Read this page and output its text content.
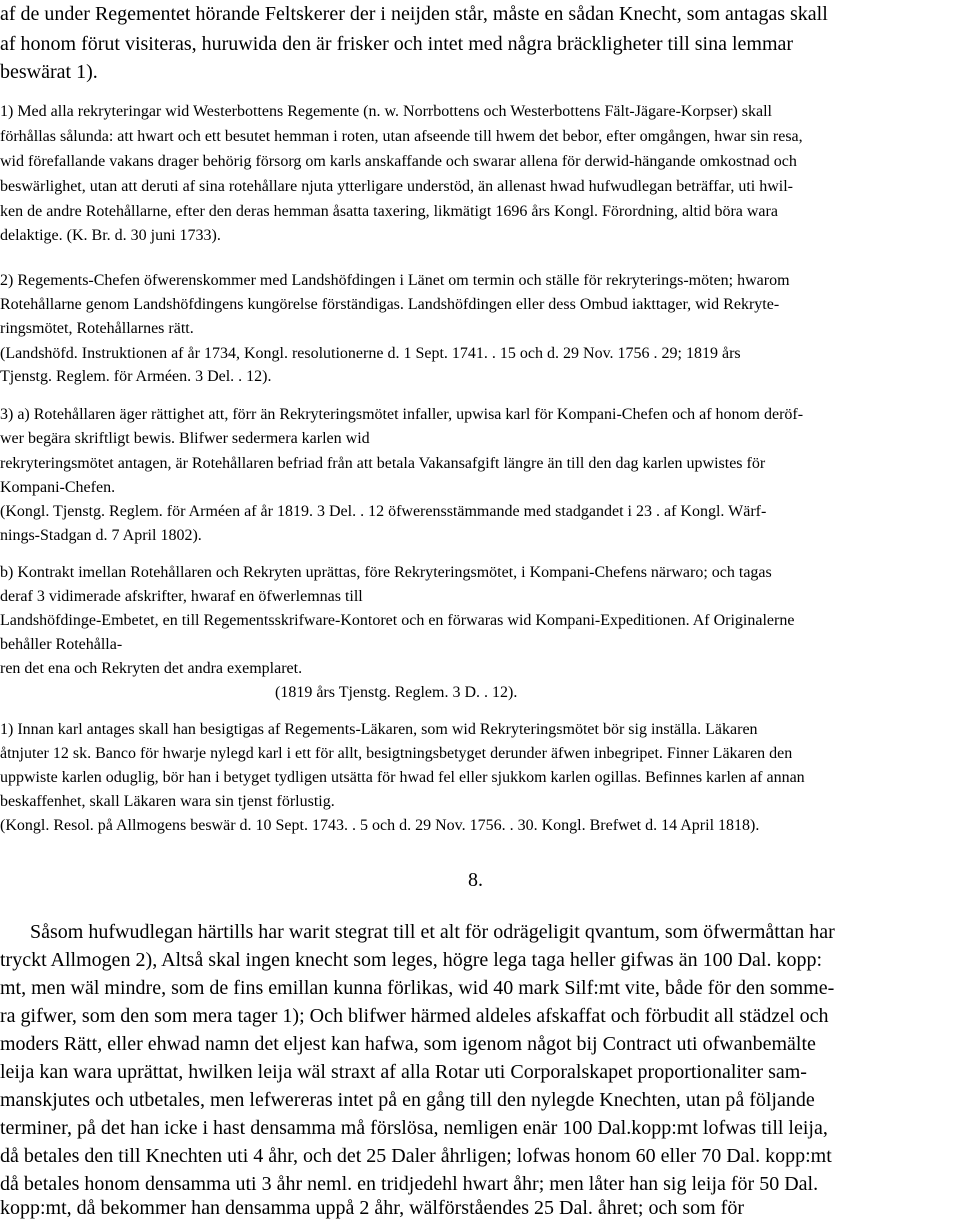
af de under Regementet hörande Feltskerer der i neijden står, måste en sådan Knecht, som antagas skall

af honom förut visiteras, huruwida den är frisker och intet med några bräckligheter till sina lemmar

beswärat 1).

1) Med alla rekryteringar wid Westerbottens Regemente (n. w. Norrbottens och Westerbottens Fält-Jägare-Korpser) skall

förhållas sålunda: att hwart och ett besutet hemman i roten, utan afseende till hwem det bebor, efter omgången, hwar sin resa,

wid förefallande vakans drager behörig försorg om karls anskaffande och swarar allena för derwid-hängande omkostnad och

beswärlighet, utan att deruti af sina rotehållare njuta ytterligare understöd, än allenast hwad hufwudlegan beträffar, uti hwil-

ken de andre Rotehållarne, efter den deras hemman åsatta taxering, likmätigt 1696 års Kongl. Förordning, altid böra wara

delaktige. (K. Br. d. 30 juni 1733).

2) Regements-Chefen öfwerenskommer med Landshöfdingen i Länet om termin och ställe för rekryterings-möten; hwarom

Rotehållarne genom Landshöfdingens kungörelse förständigas. Landshöfdingen eller dess Ombud iakttager, wid Rekryte-

ringsmötet, Rotehållarnes rätt.

(Landshöfd. Instruktionen af år 1734, Kongl. resolutionerne d. 1 Sept. 1741. . 15 och d. 29 Nov. 1756 . 29; 1819 års

Tjenstg. Reglem. för Arméen. 3 Del. . 12).

3) a) Rotehållaren äger rättighet att, förr än Rekryteringsmötet infaller, upwisa karl för Kompani-Chefen och af honom deröf-

wer begära skriftligt bewis. Blifwer sedermera karlen wid

rekryteringsmötet antagen, är Rotehållaren befriad från att betala Vakansafgift längre än till den dag karlen upwistes för

Kompani-Chefen.

(Kongl. Tjenstg. Reglem. för Arméen af år 1819. 3 Del. . 12 öfwerensstämmande med stadgandet i 23 . af Kongl. Wärf-

nings-Stadgan d. 7 April 1802).

b) Kontrakt imellan Rotehållaren och Rekryten uprättas, före Rekryteringsmötet, i Kompani-Chefens närwaro; och tagas

deraf 3 vidimerade afskrifter, hwaraf en öfwerlemnas till

Landshöfdinge-Embetet, en till Regementsskrifware-Kontoret och en förwaras wid Kompani-Expeditionen. Af Originalerne

behåller Rotehålla-

ren det ena och Rekryten det andra exemplaret.

(1819 års Tjenstg. Reglem. 3 D. . 12).

1) Innan karl antages skall han besigtigas af Regements-Läkaren, som wid Rekryteringsmötet bör sig inställa. Läkaren

åtnjuter 12 sk. Banco för hwarje nylegd karl i ett för allt, besigtningsbetyget derunder äfwen inbegripet. Finner Läkaren den

uppwiste karlen oduglig, bör han i betyget tydligen utsätta för hwad fel eller sjukkom karlen ogillas. Befinnes karlen af annan

beskaffenhet, skall Läkaren wara sin tjenst förlustig.

(Kongl. Resol. på Allmogens beswär d. 10 Sept. 1743. . 5 och d. 29 Nov. 1756. . 30. Kongl. Brefwet d. 14 April 1818).

8.

Såsom hufwudlegan härtills har warit stegrat till et alt för odrägeligit qvantum, som öfwermåttan har

tryckt Allmogen 2), Altså skal ingen knecht som leges, högre lega taga heller gifwas än 100 Dal. kopp:

mt, men wäl mindre, som de fins emillan kunna förlikas, wid 40 mark Silf:mt vite, både för den somme-

ra gifwer, som den som mera tager 1); Och blifwer härmed aldeles afskaffat och förbudit all städzel och

moders Rätt, eller ehwad namn det eljest kan hafwa, som igenom något bij Contract uti ofwanbemälte

leija kan wara uprättat, hwilken leija wäl straxt af alla Rotar uti Corporalskapet proportionaliter sam-

manskjutes och utbetales, men lefwereras intet på en gång till den nylegde Knechten, utan på följande

terminer, på det han icke i hast densamma må förslösa, nemligen enär 100 Dal.kopp:mt lofwas till leija,

då betales den till Knechten uti 4 åhr, och det 25 Daler åhrligen; lofwas honom 60 eller 70 Dal. kopp:mt

då betales honom densamma uti 3 åhr neml. en tridjedehl hwart åhr; men låter han sig leija för 50 Dal.

kopp:mt, då bekommer han densamma uppå 2 åhr, wälförståendes 25 Dal. åhret; och som för
